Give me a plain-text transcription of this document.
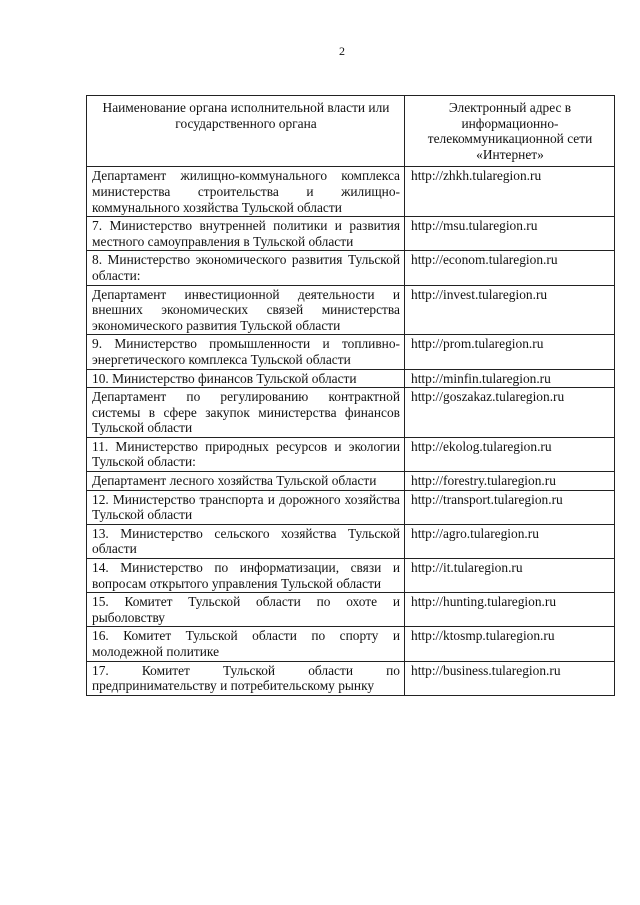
2
Наименование органа исполнительной власти или государственного органа	Электронный адрес в информационно-телекоммуникационной сети «Интернет»
Департамент жилищно-коммунального комплекса министерства строительства и жилищно-коммунального хозяйства Тульской области	http://zhkh.tularegion.ru
7. Министерство внутренней политики и развития местного самоуправления в Тульской области	http://msu.tularegion.ru
8. Министерство экономического развития Тульской области:	http://econom.tularegion.ru
Департамент инвестиционной деятельности и внешних экономических связей министерства экономического развития Тульской области	http://invest.tularegion.ru
9. Министерство промышленности и топливно-энергетического комплекса Тульской области	http://prom.tularegion.ru
10. Министерство финансов Тульской области	http://minfin.tularegion.ru
Департамент по регулированию контрактной системы в сфере закупок министерства финансов Тульской области	http://goszakaz.tularegion.ru
11. Министерство природных ресурсов и экологии Тульской области:	http://ekolog.tularegion.ru
Департамент лесного хозяйства Тульской области	http://forestry.tularegion.ru
12. Министерство транспорта и дорожного хозяйства Тульской области	http://transport.tularegion.ru
13. Министерство сельского хозяйства Тульской области	http://agro.tularegion.ru
14. Министерство по информатизации, связи и вопросам открытого управления Тульской области	http://it.tularegion.ru
15. Комитет Тульской области по охоте и рыболовству	http://hunting.tularegion.ru
16. Комитет Тульской области по спорту и молодежной политике	http://ktosmp.tularegion.ru
17. Комитет Тульской области по предпринимательству и потребительскому рынку	http://business.tularegion.ru
